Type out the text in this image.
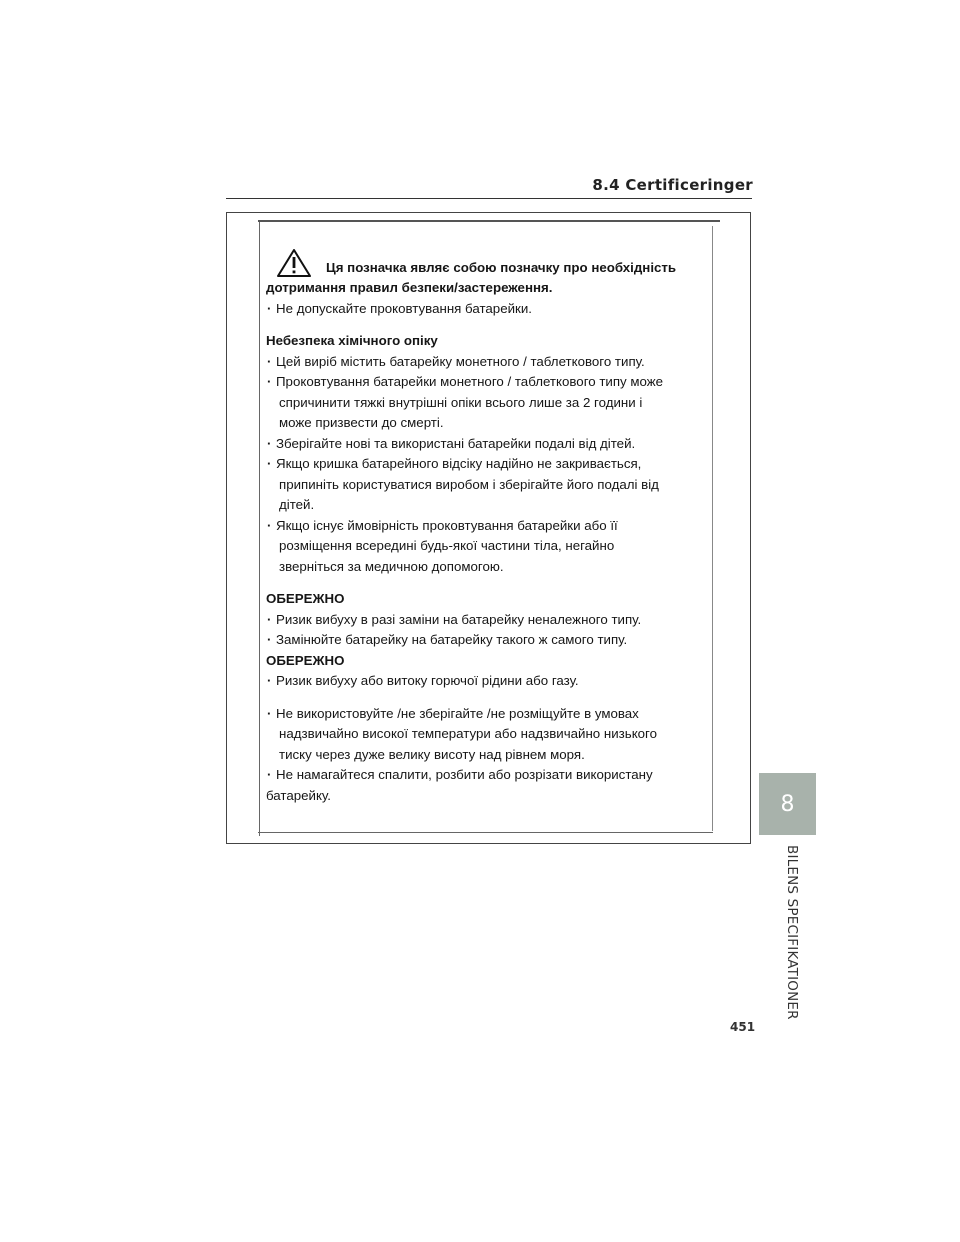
8.4 Certificeringer
8
BILENS SPECIFIKATIONER
451
Ця позначка являє собою позначку про необхідність
дотримання правил безпеки/застереження.
· Не допускайте проковтування батарейки.
Небезпека хімічного опіку
· Цей виріб містить батарейку монетного / таблеткового типу.
· Проковтування батарейки монетного / таблеткового типу може
спричинити тяжкі внутрішні опіки всього лише за 2 години і
може призвести до смерті.
· Зберігайте нові та використані батарейки подалі від дітей.
· Якщо кришка батарейного відсіку надійно не закривається,
припиніть користуватися виробом і зберігайте його подалі від
дітей.
· Якщо існує ймовірність проковтування батарейки або її
розміщення всередині будь-якої частини тіла, негайно
зверніться за медичною допомогою.
ОБЕРЕЖНО
· Ризик вибуху в разі заміни на батарейку неналежного типу.
· Замінюйте батарейку на батарейку такого ж самого типу.
ОБЕРЕЖНО
· Ризик вибуху або витоку горючої рідини або газу.
· Не використовуйте /не зберігайте /не розміщуйте в умовах
надзвичайно високої температури або надзвичайно низького
тиску через дуже велику висоту над рівнем моря.
· Не намагайтеся спалити, розбити або розрізати використану
батарейку.
